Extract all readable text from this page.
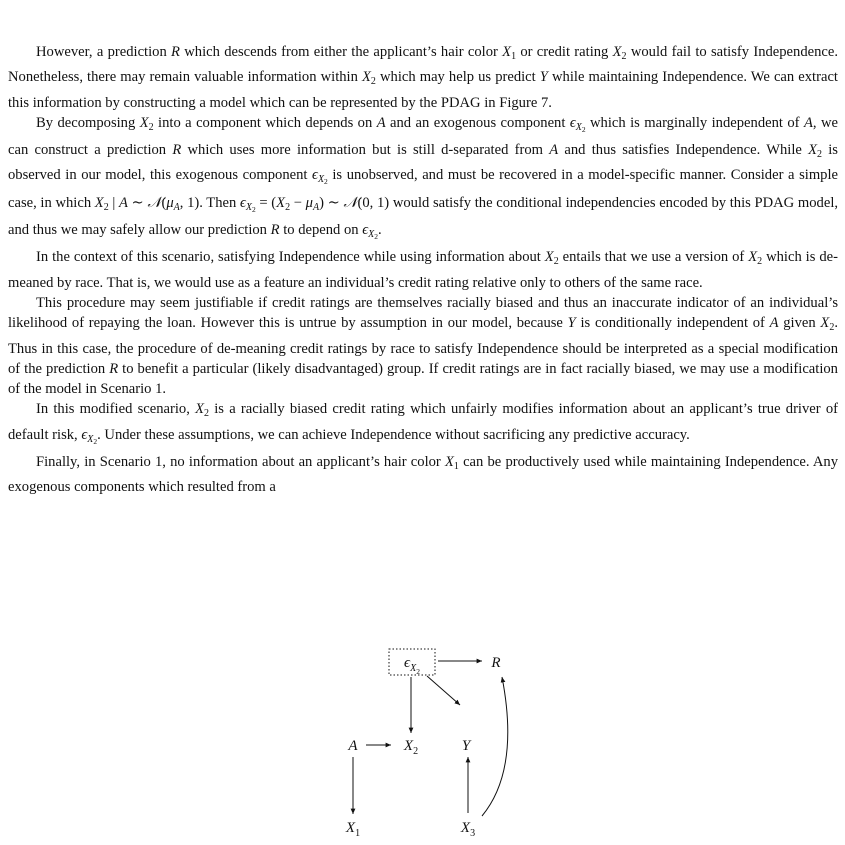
However, a prediction R which descends from either the applicant’s hair color $X_1$ or credit rating $X_2$ would fail to satisfy Independence. Nonetheless, there may remain valuable information within $X_2$ which may help us predict Y while maintaining Independence. We can extract this information by constructing a model which can be represented by the PDAG in Figure 7.

By decomposing $X_2$ into a component which depends on A and an exogenous component $\epsilon_{X_2}$ which is marginally independent of A, we can construct a prediction R which uses more information but is still d-separated from A and thus satisfies Independence. While $X_2$ is observed in our model, this exogenous component $\epsilon_{X_2}$ is unobserved, and must be recovered in a model-specific manner. Consider a simple case, in which $X_2$ | A ∼ $𝒩(\mu_A$, 1). Then $\epsilon_{X_2} = (X_2 - \mu_A)$ ∼ 𝒩(0, 1) would satisfy the conditional independencies encoded by this PDAG model, and thus we may safely allow our prediction R to depend on $\epsilon_{X_2}$.

In the context of this scenario, satisfying Independence while using information about $X_2$ entails that we use a version of $X_2$ which is de-meaned by race. That is, we would use as a feature an individual’s credit rating relative only to others of the same race.

This procedure may seem justifiable if credit ratings are themselves racially biased and thus an inaccurate indicator of an individual’s likelihood of repaying the loan. However this is untrue by assumption in our model, because Y is conditionally independent of A given $X_2$. Thus in this case, the procedure of de-meaning credit ratings by race to satisfy Independence should be interpreted as a special modification of the prediction R to benefit a particular (likely disadvantaged) group. If credit ratings are in fact racially biased, we may use a modification of the model in Scenario 1.

In this modified scenario, $X_2$ is a racially biased credit rating which unfairly modifies information about an applicant’s true driver of default risk, $\epsilon_{X_2}$. Under these assumptions, we can achieve Independence without sacrificing any predictive accuracy.

Finally, in Scenario 1, no information about an applicant’s hair color $X_1$ can be productively used while maintaining Independence. Any exogenous components which resulted from a

$\epsilon_{X2}$
R
A	$X_2$	Y
$X_1$	$X_3$
